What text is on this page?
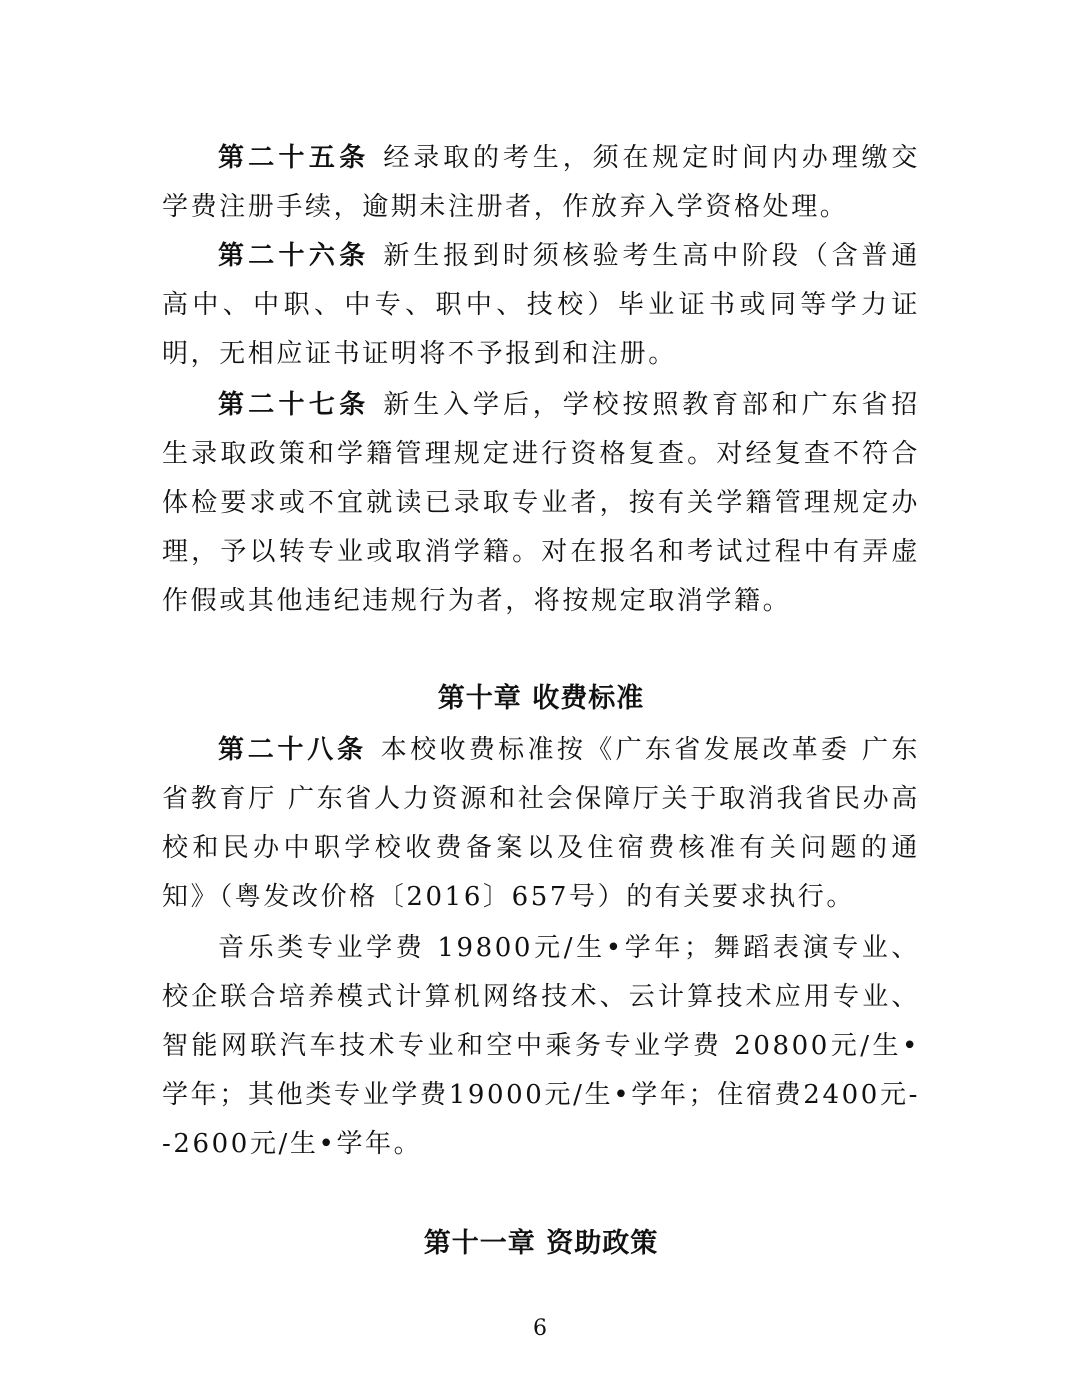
第二十五条 经录取的考生，须在规定时间内办理缴交学费注册手续，逾期未注册者，作放弃入学资格处理。

第二十六条 新生报到时须核验考生高中阶段（含普通高中、中职、中专、职中、技校）毕业证书或同等学力证明，无相应证书证明将不予报到和注册。

第二十七条 新生入学后，学校按照教育部和广东省招生录取政策和学籍管理规定进行资格复查。对经复查不符合体检要求或不宜就读已录取专业者，按有关学籍管理规定办理，予以转专业或取消学籍。对在报名和考试过程中有弄虚作假或其他违纪违规行为者，将按规定取消学籍。

第十章 收费标准

第二十八条 本校收费标准按《广东省发展改革委 广东省教育厅 广东省人力资源和社会保障厅关于取消我省民办高校和民办中职学校收费备案以及住宿费核准有关问题的通知》（粤发改价格〔2016〕657号）的有关要求执行。

音乐类专业学费 19800元/生•学年；舞蹈表演专业、校企联合培养模式计算机网络技术、云计算技术应用专业、智能网联汽车技术专业和空中乘务专业学费 20800元/生•学年；其他类专业学费19000元/生•学年；住宿费2400元--2600元/生•学年。

第十一章 资助政策
6
